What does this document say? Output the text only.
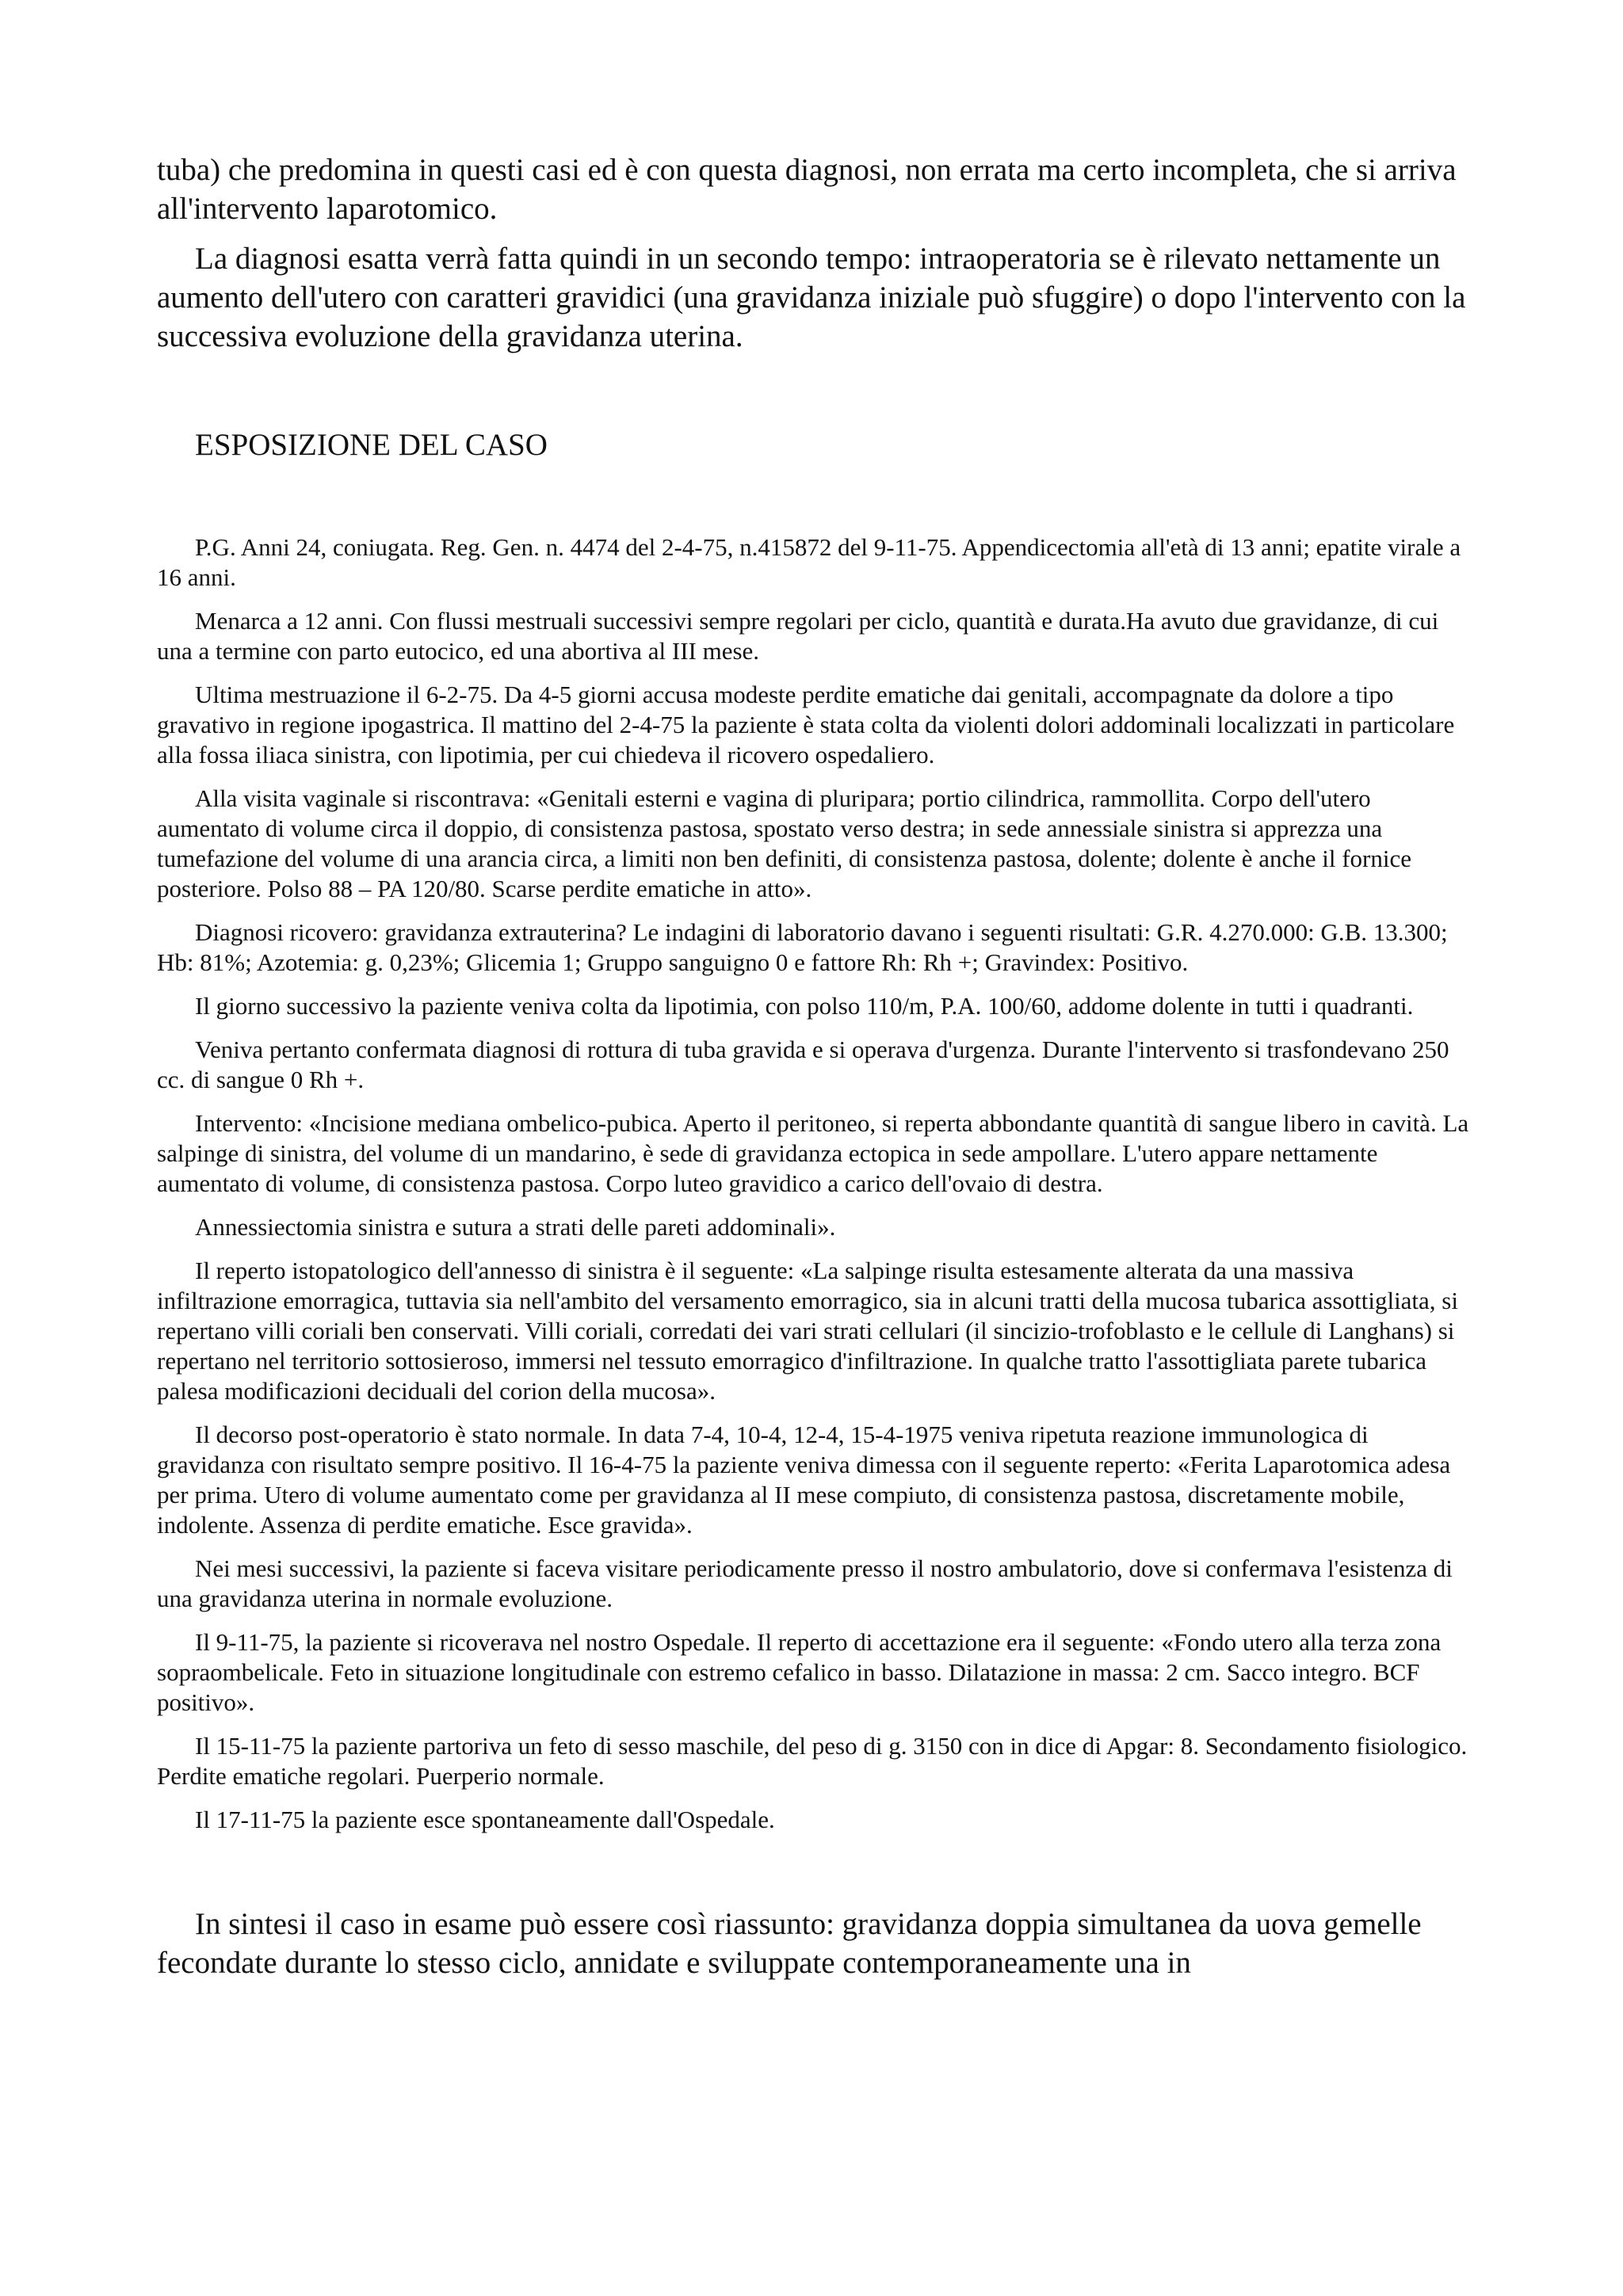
tuba) che predomina in questi casi ed è con questa diagnosi, non errata ma certo incompleta, che si arriva all'intervento laparotomico.

La diagnosi esatta verrà fatta quindi in un secondo tempo: intraoperatoria se è rilevato nettamente un aumento dell'utero con caratteri gravidici (una gravidanza iniziale può sfuggire) o dopo l'intervento con la successiva evoluzione della gravidanza uterina.

ESPOSIZIONE DEL CASO

P.G. Anni 24, coniugata. Reg. Gen. n. 4474 del 2-4-75, n.415872 del 9-11-75. Appendicectomia all'età di 13 anni; epatite virale a 16 anni.

Menarca a 12 anni. Con flussi mestruali successivi sempre regolari per ciclo, quantità e durata.Ha avuto due gravidanze, di cui una a termine con parto eutocico, ed una abortiva al III mese.

Ultima mestruazione il 6-2-75. Da 4-5 giorni accusa modeste perdite ematiche dai genitali, accompagnate da dolore a tipo gravativo in regione ipogastrica. Il mattino del 2-4-75 la paziente è stata colta da violenti dolori addominali localizzati in particolare alla fossa iliaca sinistra, con lipotimia, per cui chiedeva il ricovero ospedaliero.

Alla visita vaginale si riscontrava: «Genitali esterni e vagina di pluripara; portio cilindrica, rammollita. Corpo dell'utero aumentato di volume circa il doppio, di consistenza pastosa, spostato verso destra; in sede annessiale sinistra si apprezza una tumefazione del volume di una arancia circa, a limiti non ben definiti, di consistenza pastosa, dolente; dolente è anche il fornice posteriore. Polso 88 – PA 120/80. Scarse perdite ematiche in atto».

Diagnosi ricovero: gravidanza extrauterina? Le indagini di laboratorio davano i seguenti risultati: G.R. 4.270.000: G.B. 13.300; Hb: 81%; Azotemia: g. 0,23%; Glicemia 1; Gruppo sanguigno 0 e fattore Rh: Rh +; Gravindex: Positivo.

Il giorno successivo la paziente veniva colta da lipotimia, con polso 110/m, P.A. 100/60, addome dolente in tutti i quadranti.

Veniva pertanto confermata diagnosi di rottura di tuba gravida e si operava d'urgenza. Durante l'intervento si trasfondevano 250 cc. di sangue 0 Rh +.

Intervento: «Incisione mediana ombelico-pubica. Aperto il peritoneo, si reperta abbondante quantità di sangue libero in cavità. La salpinge di sinistra, del volume di un mandarino, è sede di gravidanza ectopica in sede ampollare. L'utero appare nettamente aumentato di volume, di consistenza pastosa. Corpo luteo gravidico a carico dell'ovaio di destra.

Annessiectomia sinistra e sutura a strati delle pareti addominali».

Il reperto istopatologico dell'annesso di sinistra è il seguente: «La salpinge risulta estesamente alterata da una massiva infiltrazione emorragica, tuttavia sia nell'ambito del versamento emorragico, sia in alcuni tratti della mucosa tubarica assottigliata, si repertano villi coriali ben conservati. Villi coriali, corredati dei vari strati cellulari (il sincizio-trofoblasto e le cellule di Langhans) si repertano nel territorio sottosieroso, immersi nel tessuto emorragico d'infiltrazione. In qualche tratto l'assottigliata parete tubarica palesa modificazioni deciduali del corion della mucosa».

Il decorso post-operatorio è stato normale. In data 7-4, 10-4, 12-4, 15-4-1975 veniva ripetuta reazione immunologica di gravidanza con risultato sempre positivo. Il 16-4-75 la paziente veniva dimessa con il seguente reperto: «Ferita Laparotomica adesa per prima. Utero di volume aumentato come per gravidanza al II mese compiuto, di consistenza pastosa, discretamente mobile, indolente. Assenza di perdite ematiche. Esce gravida».

Nei mesi successivi, la paziente si faceva visitare periodicamente presso il nostro ambulatorio, dove si confermava l'esistenza di una gravidanza uterina in normale evoluzione.

Il 9-11-75, la paziente si ricoverava nel nostro Ospedale. Il reperto di accettazione era il seguente: «Fondo utero alla terza zona sopraombelicale. Feto in situazione longitudinale con estremo cefalico in basso. Dilatazione in massa: 2 cm. Sacco integro. BCF positivo».

Il 15-11-75 la paziente partoriva un feto di sesso maschile, del peso di g. 3150 con in dice di Apgar: 8. Secondamento fisiologico. Perdite ematiche regolari. Puerperio normale.

Il 17-11-75 la paziente esce spontaneamente dall'Ospedale.

In sintesi il caso in esame può essere così riassunto: gravidanza doppia simultanea da uova gemelle fecondate durante lo stesso ciclo, annidate e sviluppate contemporaneamente una in
